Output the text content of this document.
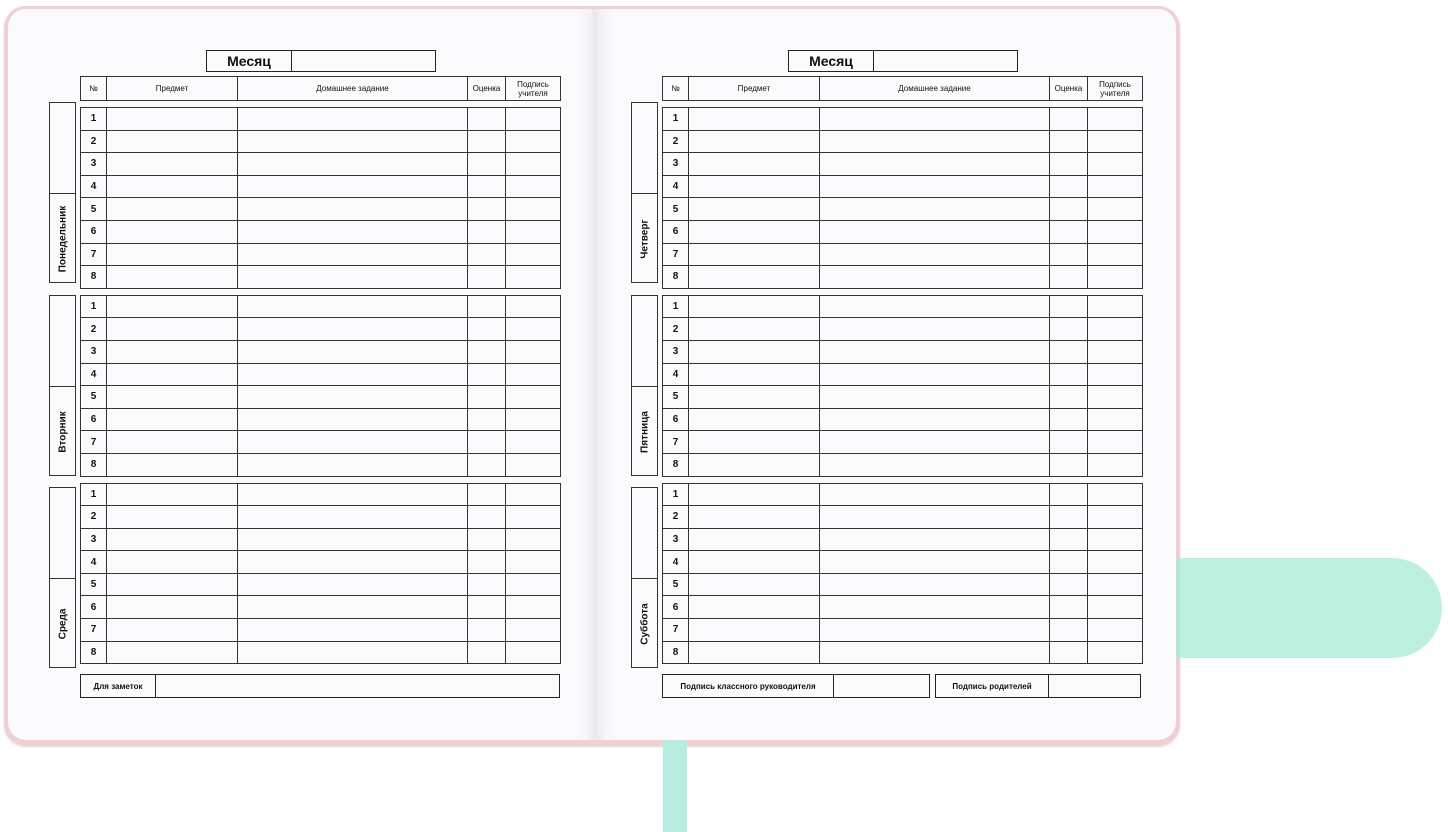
Месяц
Понедельник
Вторник
Среда
№	Предмет	Домашнее задание	Оценка	Подпись учителя

1				
2				
3				
4				
5				
6				
7				
8				

1				
2				
3				
4				
5				
6				
7				
8				

1				
2				
3				
4				
5				
6				
7				
8				
Для заметок
Месяц
Четверг
Пятница
Суббота
№	Предмет	Домашнее задание	Оценка	Подпись учителя

1				
2				
3				
4				
5				
6				
7				
8				

1				
2				
3				
4				
5				
6				
7				
8				

1				
2				
3				
4				
5				
6				
7				
8				
Подпись классного руководителя	Подпись родителей
